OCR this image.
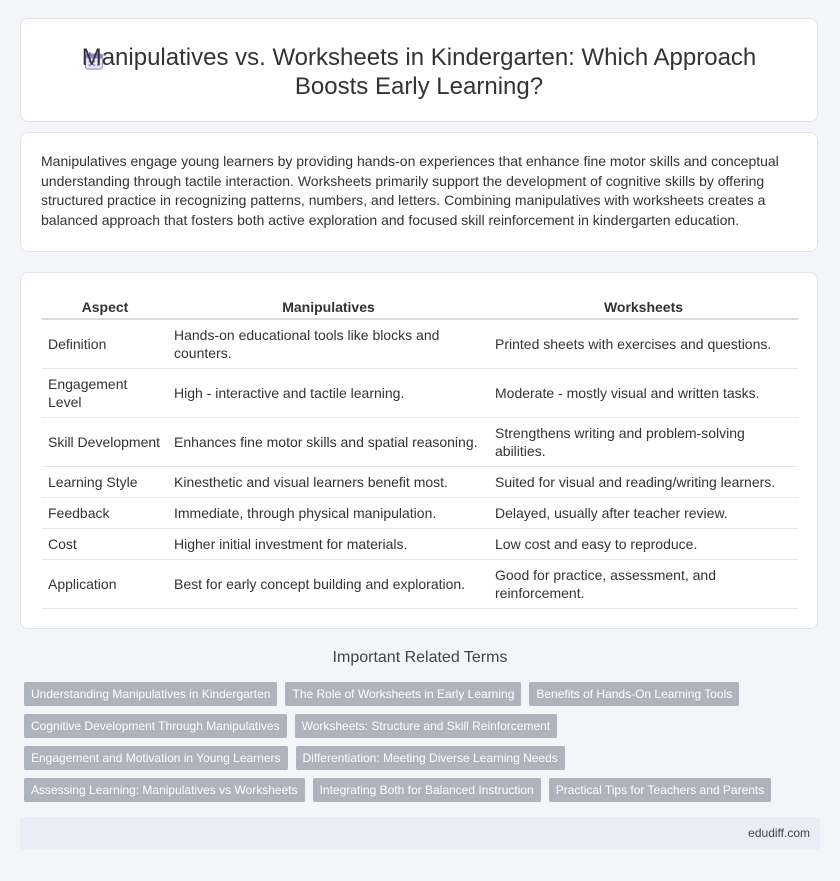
Manipulatives vs. Worksheets in Kindergarten: Which Approach Boosts Early Learning?

Manipulatives engage young learners by providing hands-on experiences that enhance fine motor skills and conceptual understanding through tactile interaction. Worksheets primarily support the development of cognitive skills by offering structured practice in recognizing patterns, numbers, and letters. Combining manipulatives with worksheets creates a balanced approach that fosters both active exploration and focused skill reinforcement in kindergarten education.

Aspect	Manipulatives	Worksheets
Definition	Hands-on educational tools like blocks and counters.	Printed sheets with exercises and questions.
Engagement Level	High - interactive and tactile learning.	Moderate - mostly visual and written tasks.
Skill Development	Enhances fine motor skills and spatial reasoning.	Strengthens writing and problem-solving abilities.
Learning Style	Kinesthetic and visual learners benefit most.	Suited for visual and reading/writing learners.
Feedback	Immediate, through physical manipulation.	Delayed, usually after teacher review.
Cost	Higher initial investment for materials.	Low cost and easy to reproduce.
Application	Best for early concept building and exploration.	Good for practice, assessment, and reinforcement.
Important Related Terms
Understanding Manipulatives in Kindergarten	The Role of Worksheets in Early Learning	Benefits of Hands-On Learning Tools
Cognitive Development Through Manipulatives	Worksheets: Structure and Skill Reinforcement
Engagement and Motivation in Young Learners	Differentiation: Meeting Diverse Learning Needs
Assessing Learning: Manipulatives vs Worksheets	Integrating Both for Balanced Instruction	Practical Tips for Teachers and Parents
edudiff.com
